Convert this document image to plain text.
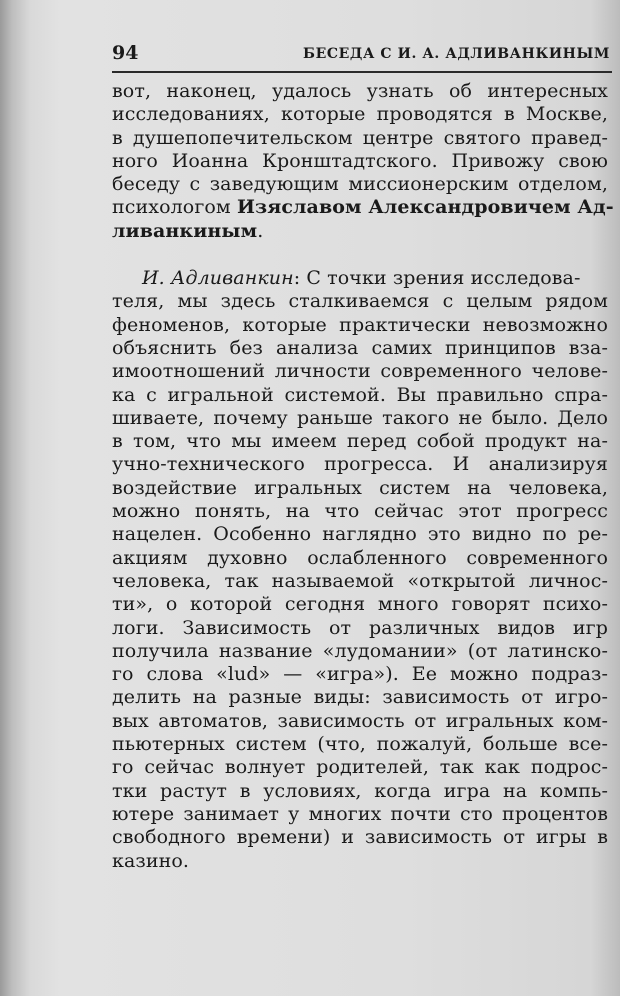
94	БЕСЕДА С И. А. АДЛИВАНКИНЫМ
вот, наконец, удалось узнать об интересных
исследованиях, которые проводятся в Москве,
в душепопечительском центре святого правед-
ного Иоанна Кронштадтского. Привожу свою
беседу с заведующим миссионерским отделом,
психологом Изяславом Александровичем Ад-
ливанкиным.
И. Адливанкин: С точки зрения исследова-
теля, мы здесь сталкиваемся с целым рядом
феноменов, которые практически невозможно
объяснить без анализа самих принципов вза-
имоотношений личности современного челове-
ка с игральной системой. Вы правильно спра-
шиваете, почему раньше такого не было. Дело
в том, что мы имеем перед собой продукт на-
учно-технического прогресса. И анализируя
воздействие игральных систем на человека,
можно понять, на что сейчас этот прогресс
нацелен. Особенно наглядно это видно по ре-
акциям духовно ослабленного современного
человека, так называемой «открытой личнос-
ти», о которой сегодня много говорят психо-
логи. Зависимость от различных видов игр
получила название «лудомании» (от латинско-
го слова «lud» — «игра»). Ее можно подраз-
делить на разные виды: зависимость от игро-
вых автоматов, зависимость от игральных ком-
пьютерных систем (что, пожалуй, больше все-
го сейчас волнует родителей, так как подрос-
тки растут в условиях, когда игра на компь-
ютере занимает у многих почти сто процентов
свободного времени) и зависимость от игры в
казино.
